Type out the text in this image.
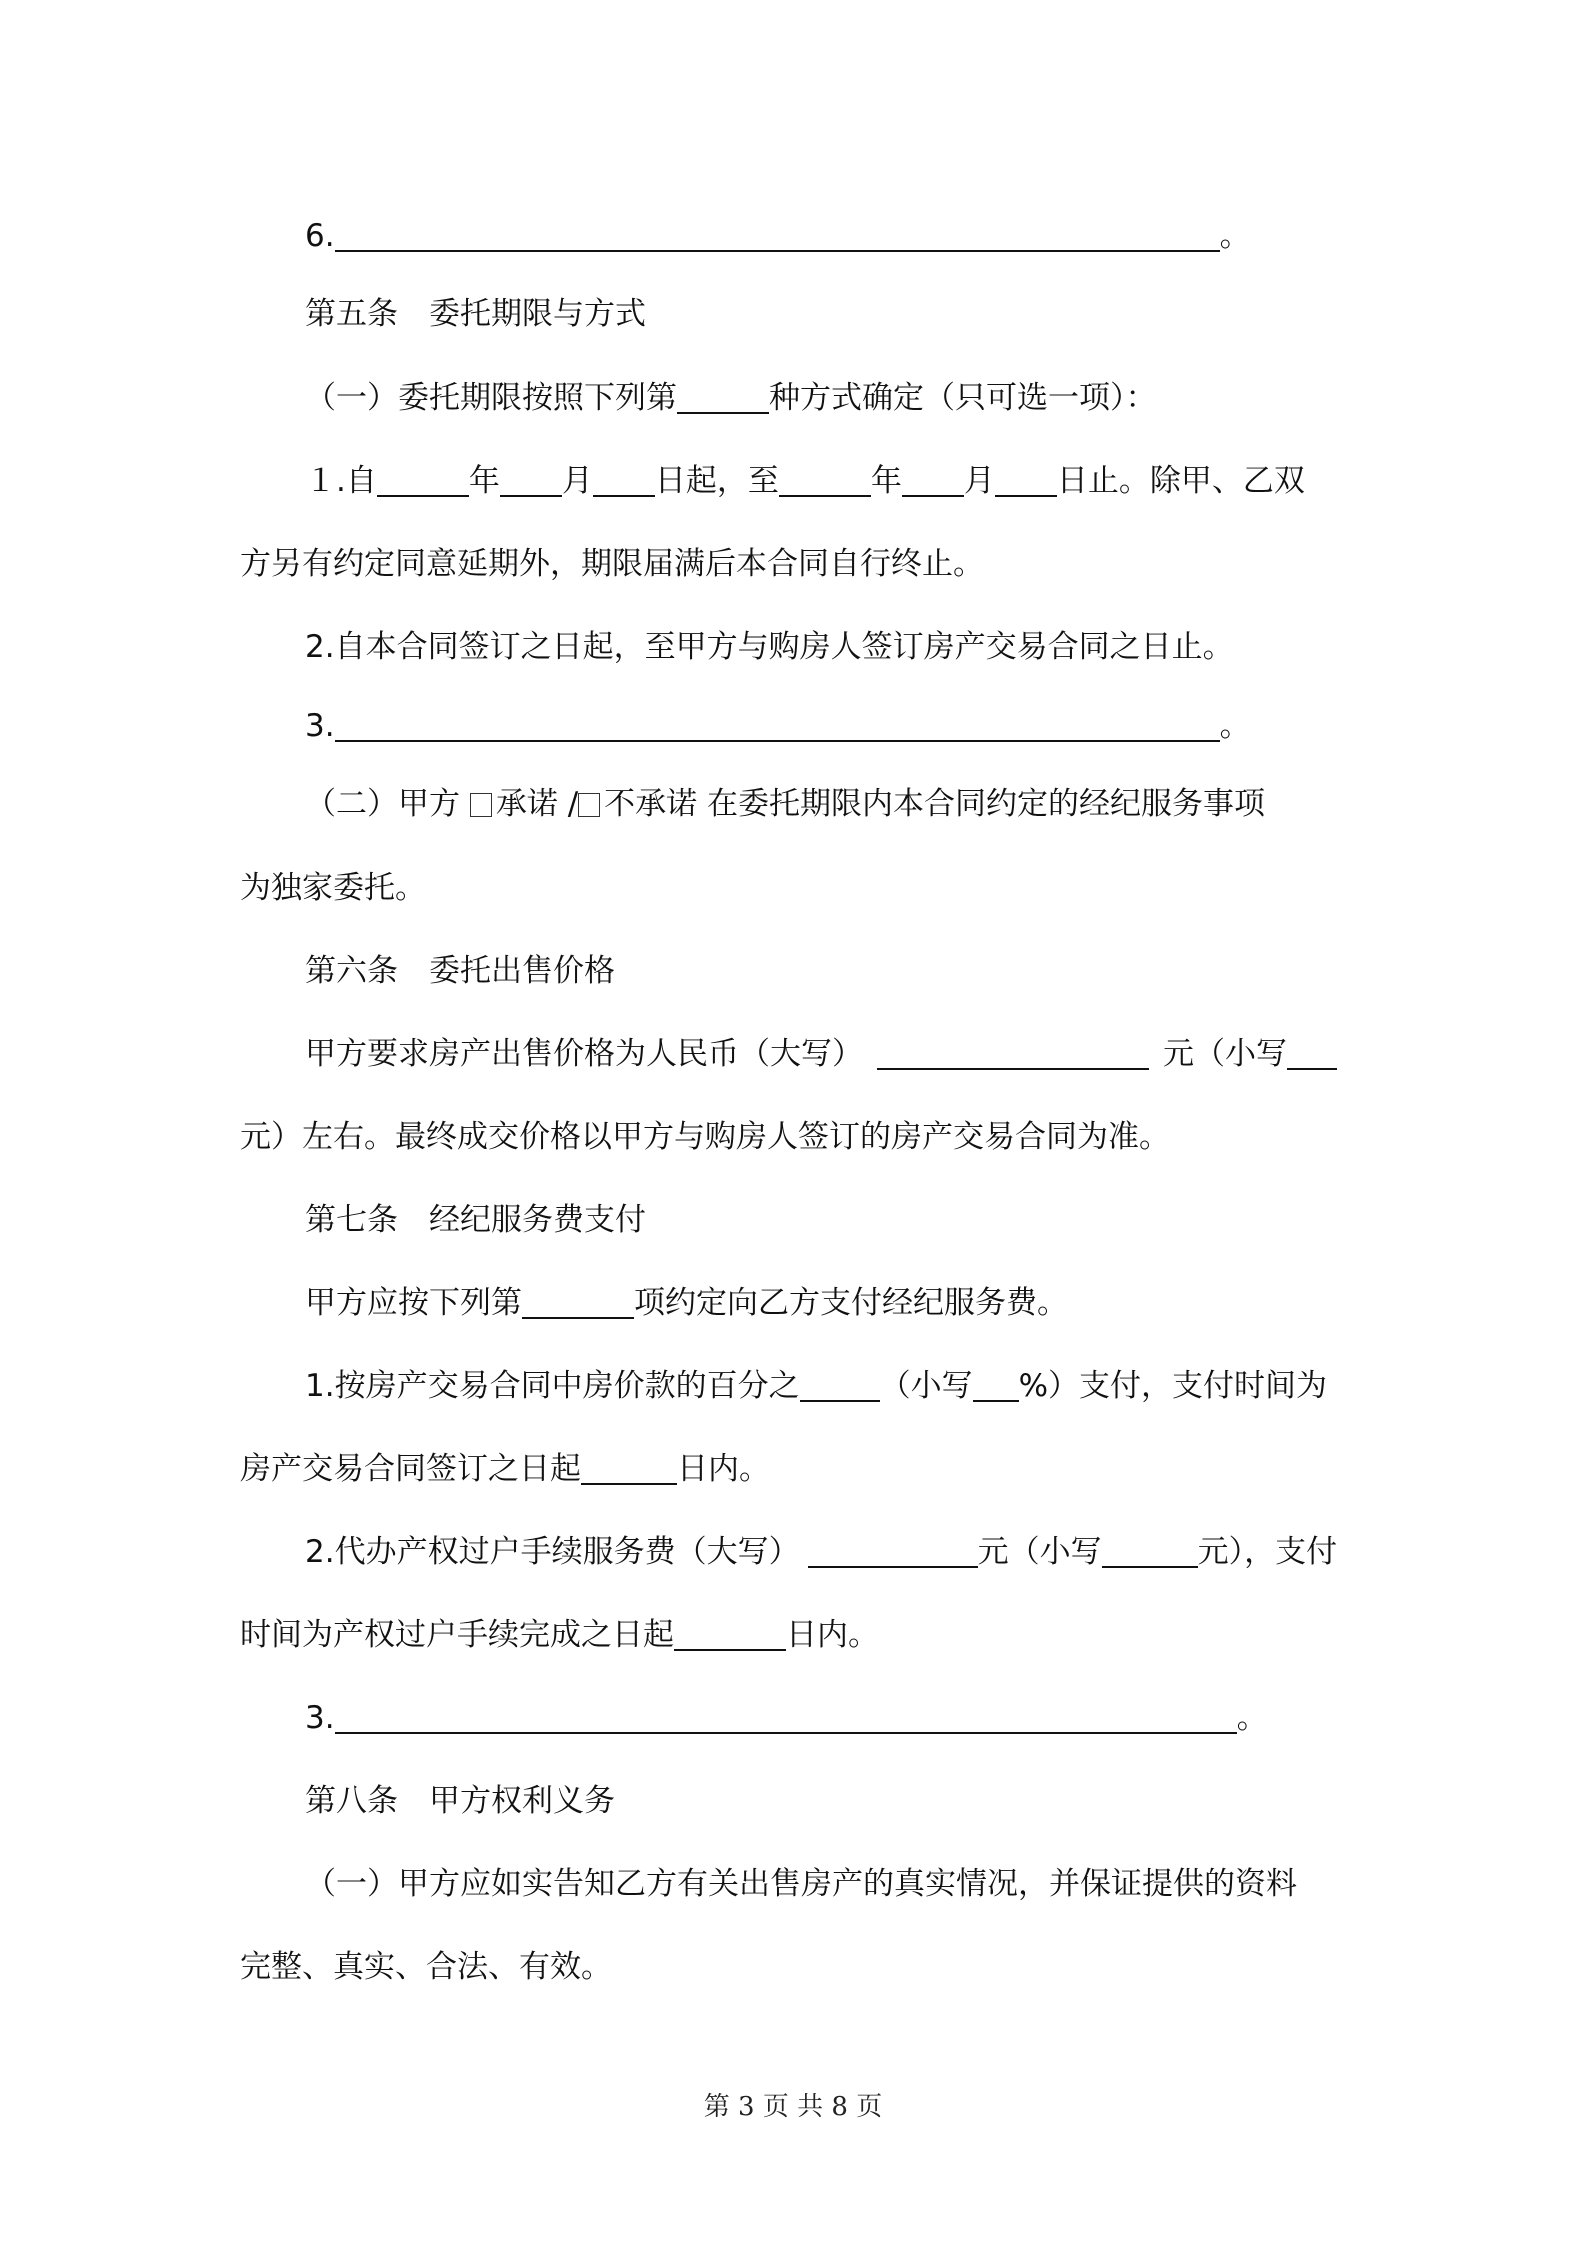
6.	。
第五条　委托期限与方式
（一）委托期限按照下列第	种方式确定（只可选一项）：
１.自	年 月 日起，至	年 月 日止。除甲、乙双
方另有约定同意延期外，期限届满后本合同自行终止。
2.自本合同签订之日起，至甲方与购房人签订房产交易合同之日止。
3.	。
（二）甲方 承诺 / 不承诺 在委托期限内本合同约定的经纪服务事项
为独家委托。
第六条　委托出售价格
甲方要求房产出售价格为人民币（大写）	元（小写
元）左右。最终成交价格以甲方与购房人签订的房产交易合同为准。
第七条　经纪服务费支付
甲方应按下列第	项约定向乙方支付经纪服务费。
1.按房产交易合同中房价款的百分之	（小写 %）支付，支付时间为
房产交易合同签订之日起	日内。
2.代办产权过户手续服务费（大写）	元（小写	元），支付
时间为产权过户手续完成之日起	日内。
3.	。
第八条　甲方权利义务
（一）甲方应如实告知乙方有关出售房产的真实情况，并保证提供的资料
完整、真实、合法、有效。
第 3 页 共 8 页
